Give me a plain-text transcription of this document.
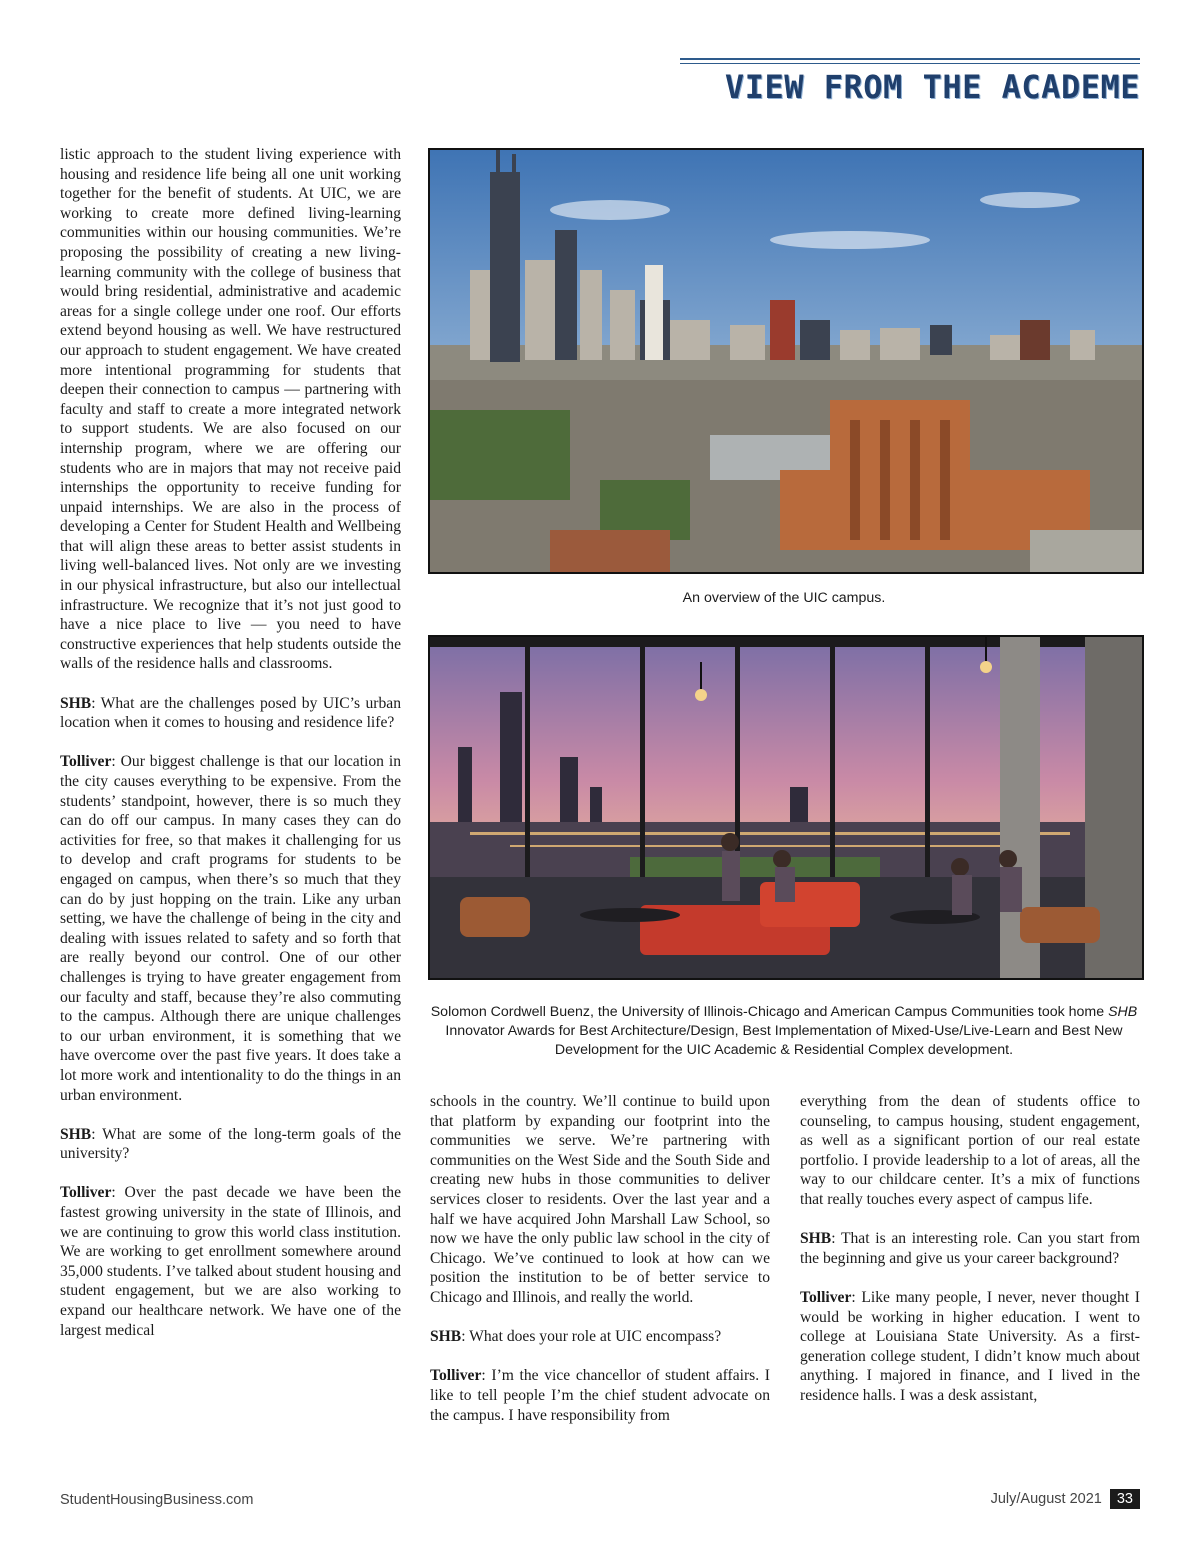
VIEW FROM THE ACADEME

listic approach to the student living experience with housing and residence life being all one unit working together for the benefit of students. At UIC, we are working to create more defined living-learning communities within our housing communities. We’re proposing the possibility of creating a new living-learning community with the college of business that would bring residential, administrative and academic areas for a single college under one roof. Our efforts extend beyond housing as well. We have restructured our approach to student engagement. We have created more intentional programming for students that deepen their connection to campus — partnering with faculty and staff to create a more integrated network to support students. We are also focused on our internship program, where we are offering our students who are in majors that may not receive paid internships the opportunity to receive funding for unpaid internships. We are also in the process of developing a Center for Student Health and Wellbeing that will align these areas to better assist students in living well-balanced lives. Not only are we investing in our physical infrastructure, but also our intellectual infrastructure. We recognize that it’s not just good to have a nice place to live — you need to have constructive experiences that help students outside the walls of the residence halls and classrooms.

SHB: What are the challenges posed by UIC’s urban location when it comes to housing and residence life?

Tolliver: Our biggest challenge is that our location in the city causes everything to be expensive. From the students’ standpoint, however, there is so much they can do off our campus. In many cases they can do activities for free, so that makes it challenging for us to develop and craft programs for students to be engaged on campus, when there’s so much that they can do by just hopping on the train. Like any urban setting, we have the challenge of being in the city and dealing with issues related to safety and so forth that are really beyond our control. One of our other challenges is trying to have greater engagement from our faculty and staff, because they’re also commuting to the campus. Although there are unique challenges to our urban environment, it is something that we have overcome over the past five years. It does take a lot more work and intentionality to do the things in an urban environment.

SHB: What are some of the long-term goals of the university?

Tolliver: Over the past decade we have been the fastest growing university in the state of Illinois, and we are continuing to grow this world class institution. We are working to get enrollment somewhere around 35,000 students. I’ve talked about student housing and student engagement, but we are also working to expand our healthcare network. We have one of the largest medical

An overview of the UIC campus.
Solomon Cordwell Buenz, the University of Illinois-Chicago and American Campus Communities took home SHB Innovator Awards for Best Architecture/Design, Best Implementation of Mixed-Use/Live-Learn and Best New Development for the UIC Academic & Residential Complex development.

schools in the country. We’ll continue to build upon that platform by expanding our footprint into the communities we serve. We’re partnering with communities on the West Side and the South Side and creating new hubs in those communities to deliver services closer to residents. Over the last year and a half we have acquired John Marshall Law School, so now we have the only public law school in the city of Chicago. We’ve continued to look at how can we position the institution to be of better service to Chicago and Illinois, and really the world.

SHB: What does your role at UIC encompass?

Tolliver: I’m the vice chancellor of student affairs. I like to tell people I’m the chief student advocate on the campus. I have responsibility from

everything from the dean of students office to counseling, to campus housing, student engagement, as well as a significant portion of our real estate portfolio. I provide leadership to a lot of areas, all the way to our childcare center. It’s a mix of functions that really touches every aspect of campus life.

SHB: That is an interesting role. Can you start from the beginning and give us your career background?

Tolliver: Like many people, I never, never thought I would be working in higher education. I went to college at Louisiana State University. As a first-generation college student, I didn’t know much about anything. I majored in finance, and I lived in the residence halls. I was a desk assistant,

StudentHousingBusiness.com	July/August 2021	33
